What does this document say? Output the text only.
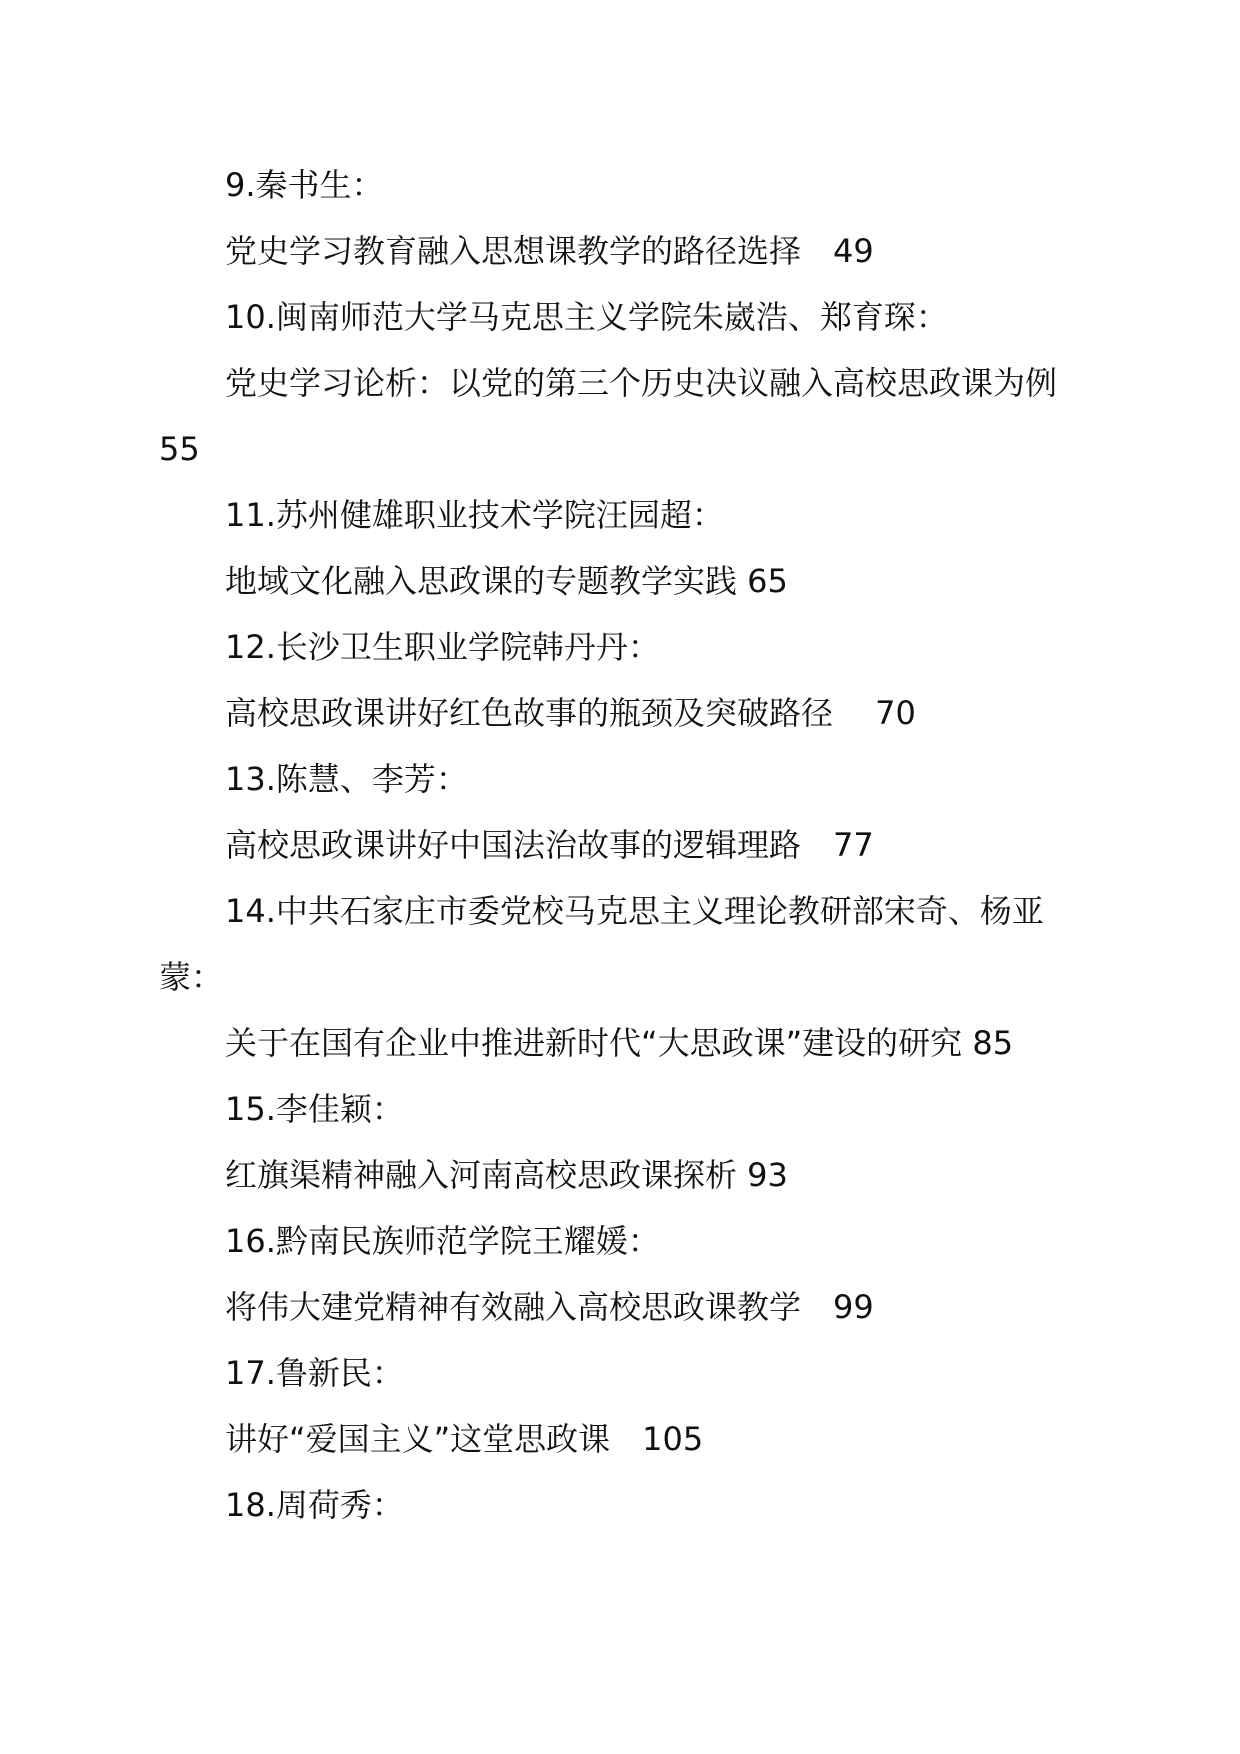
9.秦书生：

党史学习教育融入思想课教学的路径选择　49

10.闽南师范大学马克思主义学院朱崴浩、郑育琛：

党史学习论析：以党的第三个历史决议融入高校思政课为例 55

11.苏州健雄职业技术学院汪园超：

地域文化融入思政课的专题教学实践 65

12.长沙卫生职业学院韩丹丹：

高校思政课讲好红色故事的瓶颈及突破路径　 70

13.陈慧、李芳：

高校思政课讲好中国法治故事的逻辑理路　77

14.中共石家庄市委党校马克思主义理论教研部宋奇、杨亚蒙：

关于在国有企业中推进新时代“大思政课”建设的研究 85

15.李佳颖：

红旗渠精神融入河南高校思政课探析 93

16.黔南民族师范学院王耀媛：

将伟大建党精神有效融入高校思政课教学　99

17.鲁新民：

讲好“爱国主义”这堂思政课　105

18.周荷秀：
